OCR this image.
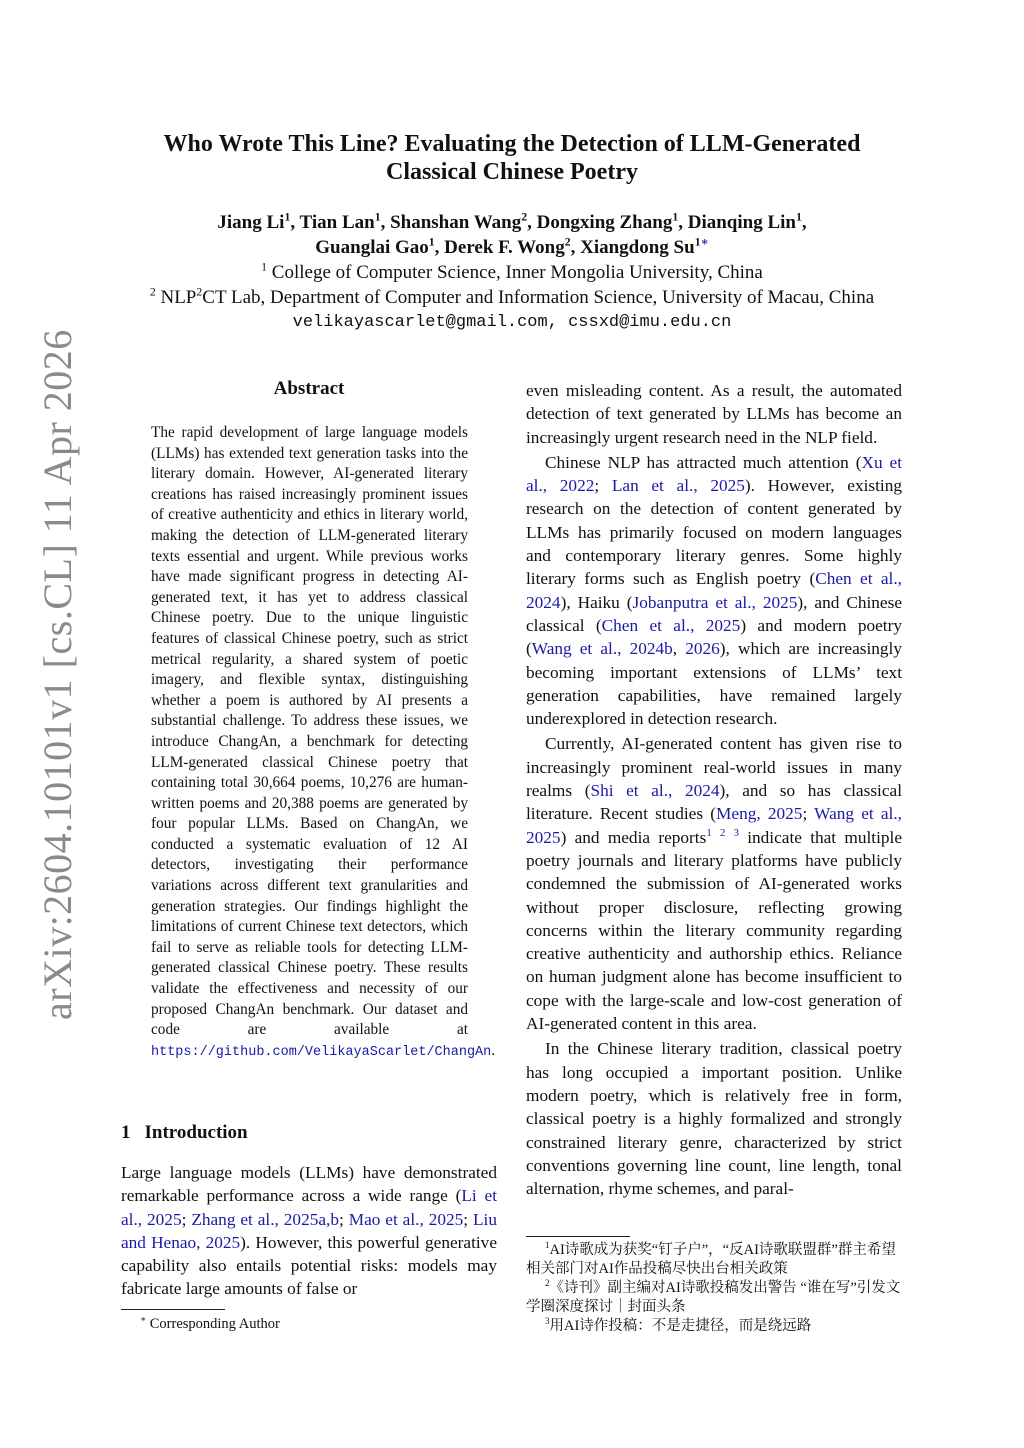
arXiv:2604.10101v1 [cs.CL] 11 Apr 2026

Who Wrote This Line? Evaluating the Detection of LLM-Generated

Classical Chinese Poetry

Jiang Li$^1$, Tian Lan$^1$, Shanshan Wang$^2$, Dongxing Zhang$^1$, Dianqing Lin$^1$,
Guanglai Gao$^1$, Derek F. Wong$^2$, Xiangdong $Su^{1∗}$
$^1$ College of Computer Science, Inner Mongolia University, China
$^2$ NLP$^2$CT Lab, Department of Computer and Information Science, University of Macau, China
velikayascarlet@gmail.com, cssxd@imu.edu.cn
Abstract
The rapid development of large language models (LLMs) has extended text generation tasks into the literary domain. However, AI-generated literary creations has raised increasingly prominent issues of creative authenticity and ethics in literary world, making the detection of LLM-generated literary texts essential and urgent. While previous works have made significant progress in detecting AI-generated text, it has yet to address classical Chinese poetry. Due to the unique linguistic features of classical Chinese poetry, such as strict metrical regularity, a shared system of poetic imagery, and flexible syntax, distinguishing whether a poem is authored by AI presents a substantial challenge. To address these issues, we introduce ChangAn, a benchmark for detecting LLM-generated classical Chinese poetry that containing total 30,664 poems, 10,276 are human-written poems and 20,388 poems are generated by four popular LLMs. Based on ChangAn, we conducted a systematic evaluation of 12 AI detectors, investigating their performance variations across different text granularities and generation strategies. Our findings highlight the limitations of current Chinese text detectors, which fail to serve as reliable tools for detecting LLM-generated classical Chinese poetry. These results validate the effectiveness and necessity of our proposed ChangAn benchmark. Our dataset and code are available at https://github.com/VelikayaScarlet/ChangAn.
1 Introduction
Large language models (LLMs) have demonstrated remarkable performance across a wide range (Li et al., 2025; Zhang et al., 2025a,b; Mao et al., 2025; Liu and Henao, 2025). However, this powerful generative capability also entails potential risks: models may fabricate large amounts of false or
∗ Corresponding Author

even misleading content. As a result, the automated detection of text generated by LLMs has become an increasingly urgent research need in the NLP field.

Chinese NLP has attracted much attention (Xu et al., 2022; Lan et al., 2025). However, existing research on the detection of content generated by LLMs has primarily focused on modern languages and contemporary literary genres. Some highly literary forms such as English poetry (Chen et al., 2024), Haiku (Jobanputra et al., 2025), and Chinese classical (Chen et al., 2025) and modern poetry (Wang et al., 2024b, 2026), which are increasingly becoming important extensions of LLMs’ text generation capabilities, have remained largely underexplored in detection research.

Currently, AI-generated content has given rise to increasingly prominent real-world issues in many realms (Shi et al., 2024), and so has classical literature. Recent studies (Meng, 2025; Wang et al., 2025) and media reports$^1$ $^2$ $^3$ indicate that multiple poetry journals and literary platforms have publicly condemned the submission of AI-generated works without proper disclosure, reflecting growing concerns within the literary community regarding creative authenticity and authorship ethics. Reliance on human judgment alone has become insufficient to cope with the large-scale and low-cost generation of AI-generated content in this area.

In the Chinese literary tradition, classical poetry has long occupied a important position. Unlike modern poetry, which is relatively free in form, classical poetry is a highly formalized and strongly constrained literary genre, characterized by strict conventions governing line count, line length, tonal alternation, rhyme schemes, and paral-

$^1$AI诗歌成为获奖“钉子户”，“反AI诗歌联盟群”群主希望相关部门对AI作品投稿尽快出台相关政策
$^2$《诗刊》副主编对AI诗歌投稿发出警告 “谁在写”引发文学圈深度探讨｜封面头条
$^3$用AI诗作投稿：不是走捷径，而是绕远路
